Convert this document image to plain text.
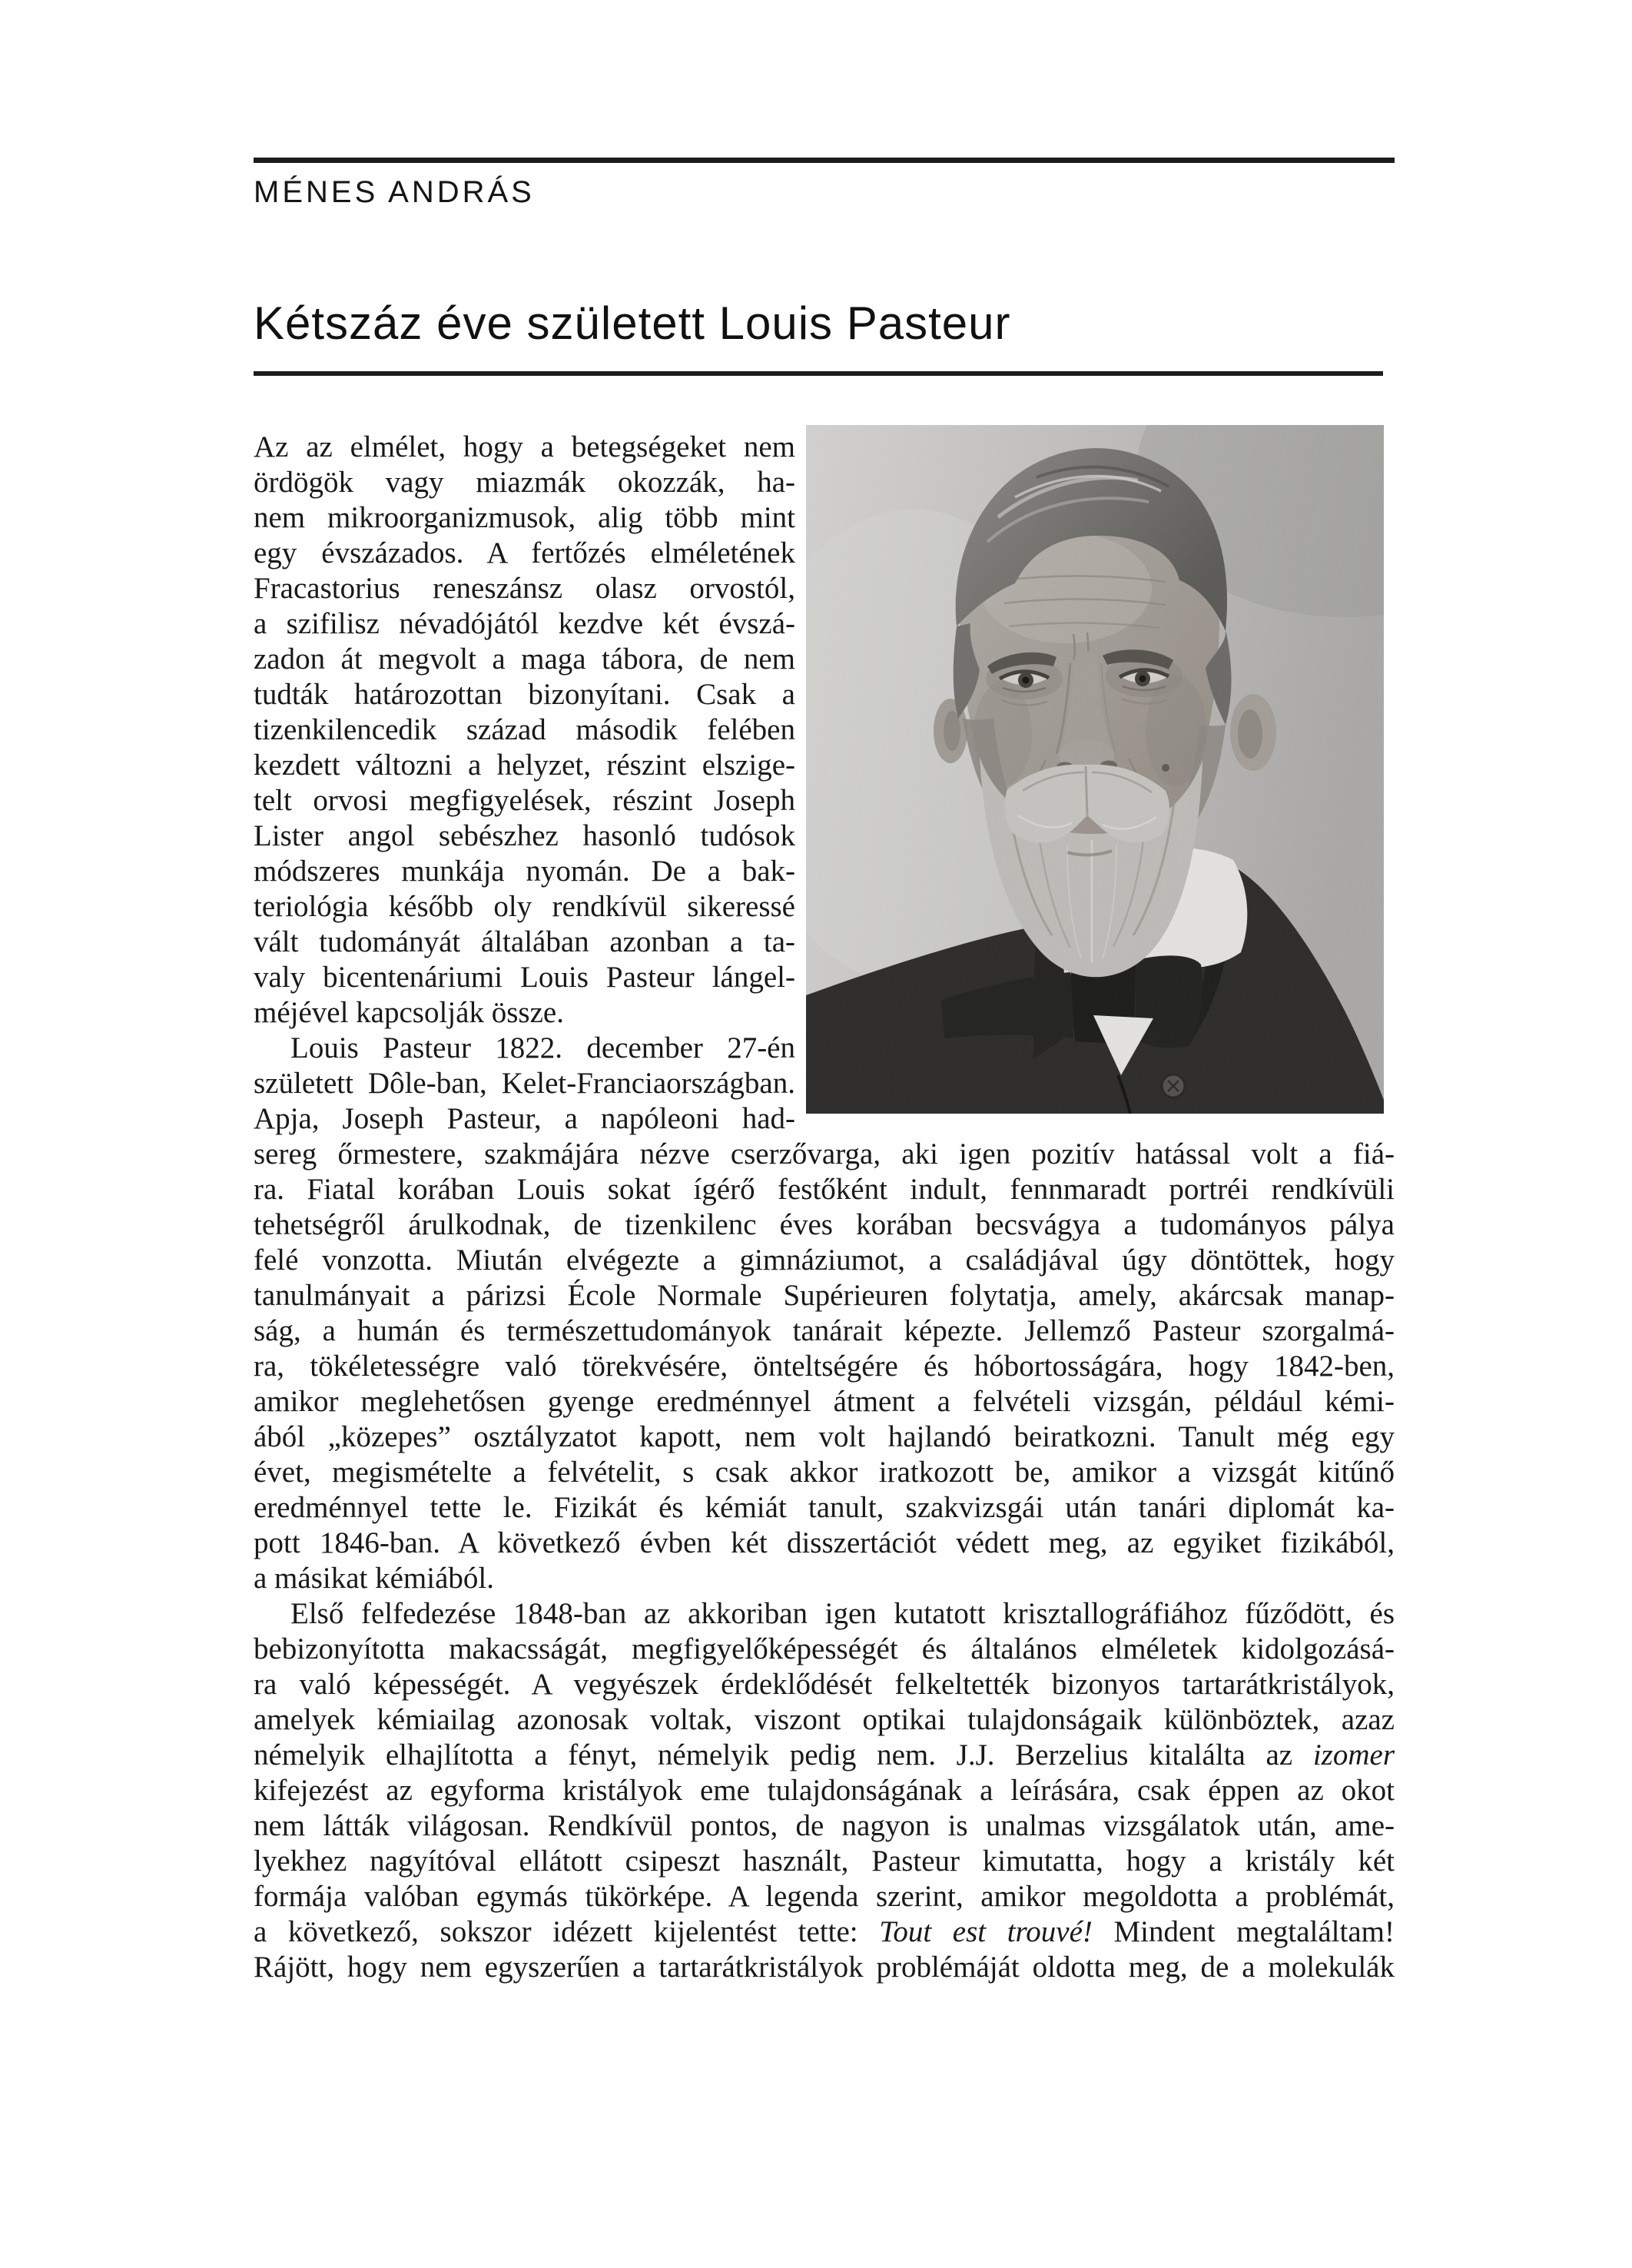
MÉNES ANDRÁS
Kétszáz éve született Louis Pasteur
Az az elmélet, hogy a betegségeket nem
ördögök vagy miazmák okozzák, ha-
nem mikroorganizmusok, alig több mint
egy évszázados. A fertőzés elméletének
Fracastorius reneszánsz olasz orvostól,
a szifilisz névadójától kezdve két évszá-
zadon át megvolt a maga tábora, de nem
tudták határozottan bizonyítani. Csak a
tizenkilencedik század második felében
kezdett változni a helyzet, részint elszige-
telt orvosi megfigyelések, részint Joseph
Lister angol sebészhez hasonló tudósok
módszeres munkája nyomán. De a bak-
teriológia később oly rendkívül sikeressé
vált tudományát általában azonban a ta-
valy bicentenáriumi Louis Pasteur lángel-
méjével kapcsolják össze.
Louis Pasteur 1822. december 27-én
született Dôle-ban, Kelet-Franciaországban.
Apja, Joseph Pasteur, a napóleoni had-
sereg őrmestere, szakmájára nézve cserzővarga, aki igen pozitív hatással volt a fiá-
ra. Fiatal korában Louis sokat ígérő festőként indult, fennmaradt portréi rendkívüli
tehetségről árulkodnak, de tizenkilenc éves korában becsvágya a tudományos pálya
felé vonzotta. Miután elvégezte a gimnáziumot, a családjával úgy döntöttek, hogy
tanulmányait a párizsi École Normale Supérieuren folytatja, amely, akárcsak manap-
ság, a humán és természettudományok tanárait képezte. Jellemző Pasteur szorgalmá-
ra, tökéletességre való törekvésére, önteltségére és hóbortosságára, hogy 1842-ben,
amikor meglehetősen gyenge eredménnyel átment a felvételi vizsgán, például kémi-
ából „közepes” osztályzatot kapott, nem volt hajlandó beiratkozni. Tanult még egy
évet, megismételte a felvételit, s csak akkor iratkozott be, amikor a vizsgát kitűnő
eredménnyel tette le. Fizikát és kémiát tanult, szakvizsgái után tanári diplomát ka-
pott 1846-ban. A következő évben két disszertációt védett meg, az egyiket fizikából,
a másikat kémiából.
Első felfedezése 1848-ban az akkoriban igen kutatott krisztallográfiához fűződött, és
bebizonyította makacsságát, megfigyelőképességét és általános elméletek kidolgozásá-
ra való képességét. A vegyészek érdeklődését felkeltették bizonyos tartarátkristályok,
amelyek kémiailag azonosak voltak, viszont optikai tulajdonságaik különböztek, azaz
némelyik elhajlította a fényt, némelyik pedig nem. J.J. Berzelius kitalálta az izomer
kifejezést az egyforma kristályok eme tulajdonságának a leírására, csak éppen az okot
nem látták világosan. Rendkívül pontos, de nagyon is unalmas vizsgálatok után, ame-
lyekhez nagyítóval ellátott csipeszt használt, Pasteur kimutatta, hogy a kristály két
formája valóban egymás tükörképe. A legenda szerint, amikor megoldotta a problémát,
a következő, sokszor idézett kijelentést tette: Tout est trouvé! Mindent megtaláltam!
Rájött, hogy nem egyszerűen a tartarátkristályok problémáját oldotta meg, de a molekulák
